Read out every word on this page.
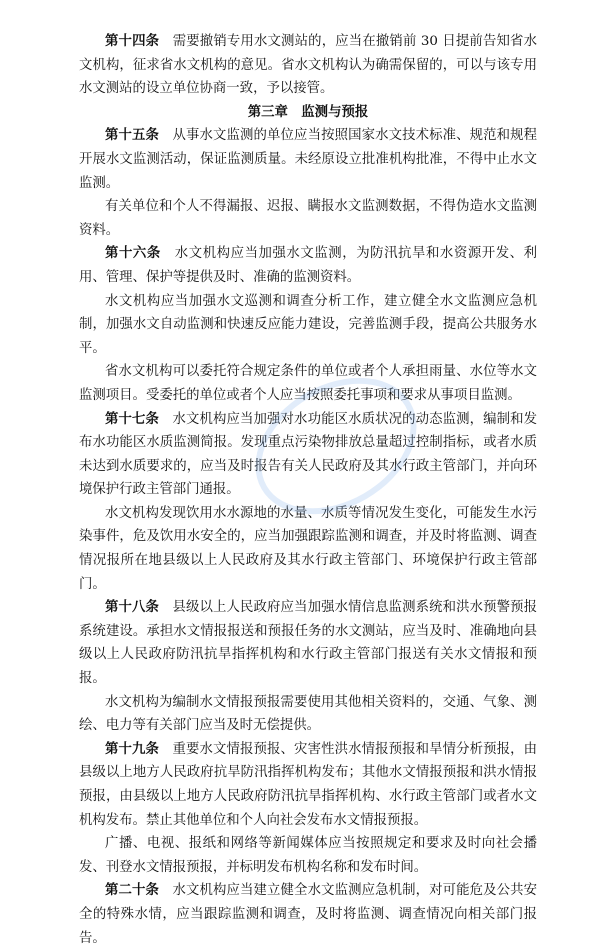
第十四条　 需要撤销专用水文测站的，应当在撤销前 30 日提前告知省水文机构，征求省水文机构的意见。省水文机构认为确需保留的，可以与该专用水文测站的设立单位协商一致，予以接管。

第三章　监测与预报

第十五条　 从事水文监测的单位应当按照国家水文技术标准、规范和规程开展水文监测活动，保证监测质量。未经原设立批准机构批准，不得中止水文监测。

有关单位和个人不得漏报、迟报、瞒报水文监测数据，不得伪造水文监测资料。

第十六条　 水文机构应当加强水文监测，为防汛抗旱和水资源开发、利用、管理、保护等提供及时、准确的监测资料。

水文机构应当加强水文巡测和调查分析工作，建立健全水文监测应急机制，加强水文自动监测和快速反应能力建设，完善监测手段，提高公共服务水平。

省水文机构可以委托符合规定条件的单位或者个人承担雨量、水位等水文监测项目。受委托的单位或者个人应当按照委托事项和要求从事项目监测。

第十七条　 水文机构应当加强对水功能区水质状况的动态监测，编制和发布水功能区水质监测简报。发现重点污染物排放总量超过控制指标，或者水质未达到水质要求的，应当及时报告有关人民政府及其水行政主管部门，并向环境保护行政主管部门通报。

水文机构发现饮用水水源地的水量、水质等情况发生变化，可能发生水污染事件，危及饮用水安全的，应当加强跟踪监测和调查，并及时将监测、调查情况报所在地县级以上人民政府及其水行政主管部门、环境保护行政主管部门。

第十八条　 县级以上人民政府应当加强水情信息监测系统和洪水预警预报系统建设。承担水文情报报送和预报任务的水文测站，应当及时、准确地向县级以上人民政府防汛抗旱指挥机构和水行政主管部门报送有关水文情报和预报。

水文机构为编制水文情报预报需要使用其他相关资料的，交通、气象、测绘、电力等有关部门应当及时无偿提供。

第十九条　 重要水文情报预报、灾害性洪水情报预报和旱情分析预报，由县级以上地方人民政府抗旱防汛指挥机构发布；其他水文情报预报和洪水情报预报，由县级以上地方人民政府防汛抗旱指挥机构、水行政主管部门或者水文机构发布。禁止其他单位和个人向社会发布水文情报预报。

广播、电视、报纸和网络等新闻媒体应当按照规定和要求及时向社会播发、刊登水文情报预报，并标明发布机构名称和发布时间。

第二十条　 水文机构应当建立健全水文监测应急机制，对可能危及公共安全的特殊水情，应当跟踪监测和调查，及时将监测、调查情况向相关部门报告。
